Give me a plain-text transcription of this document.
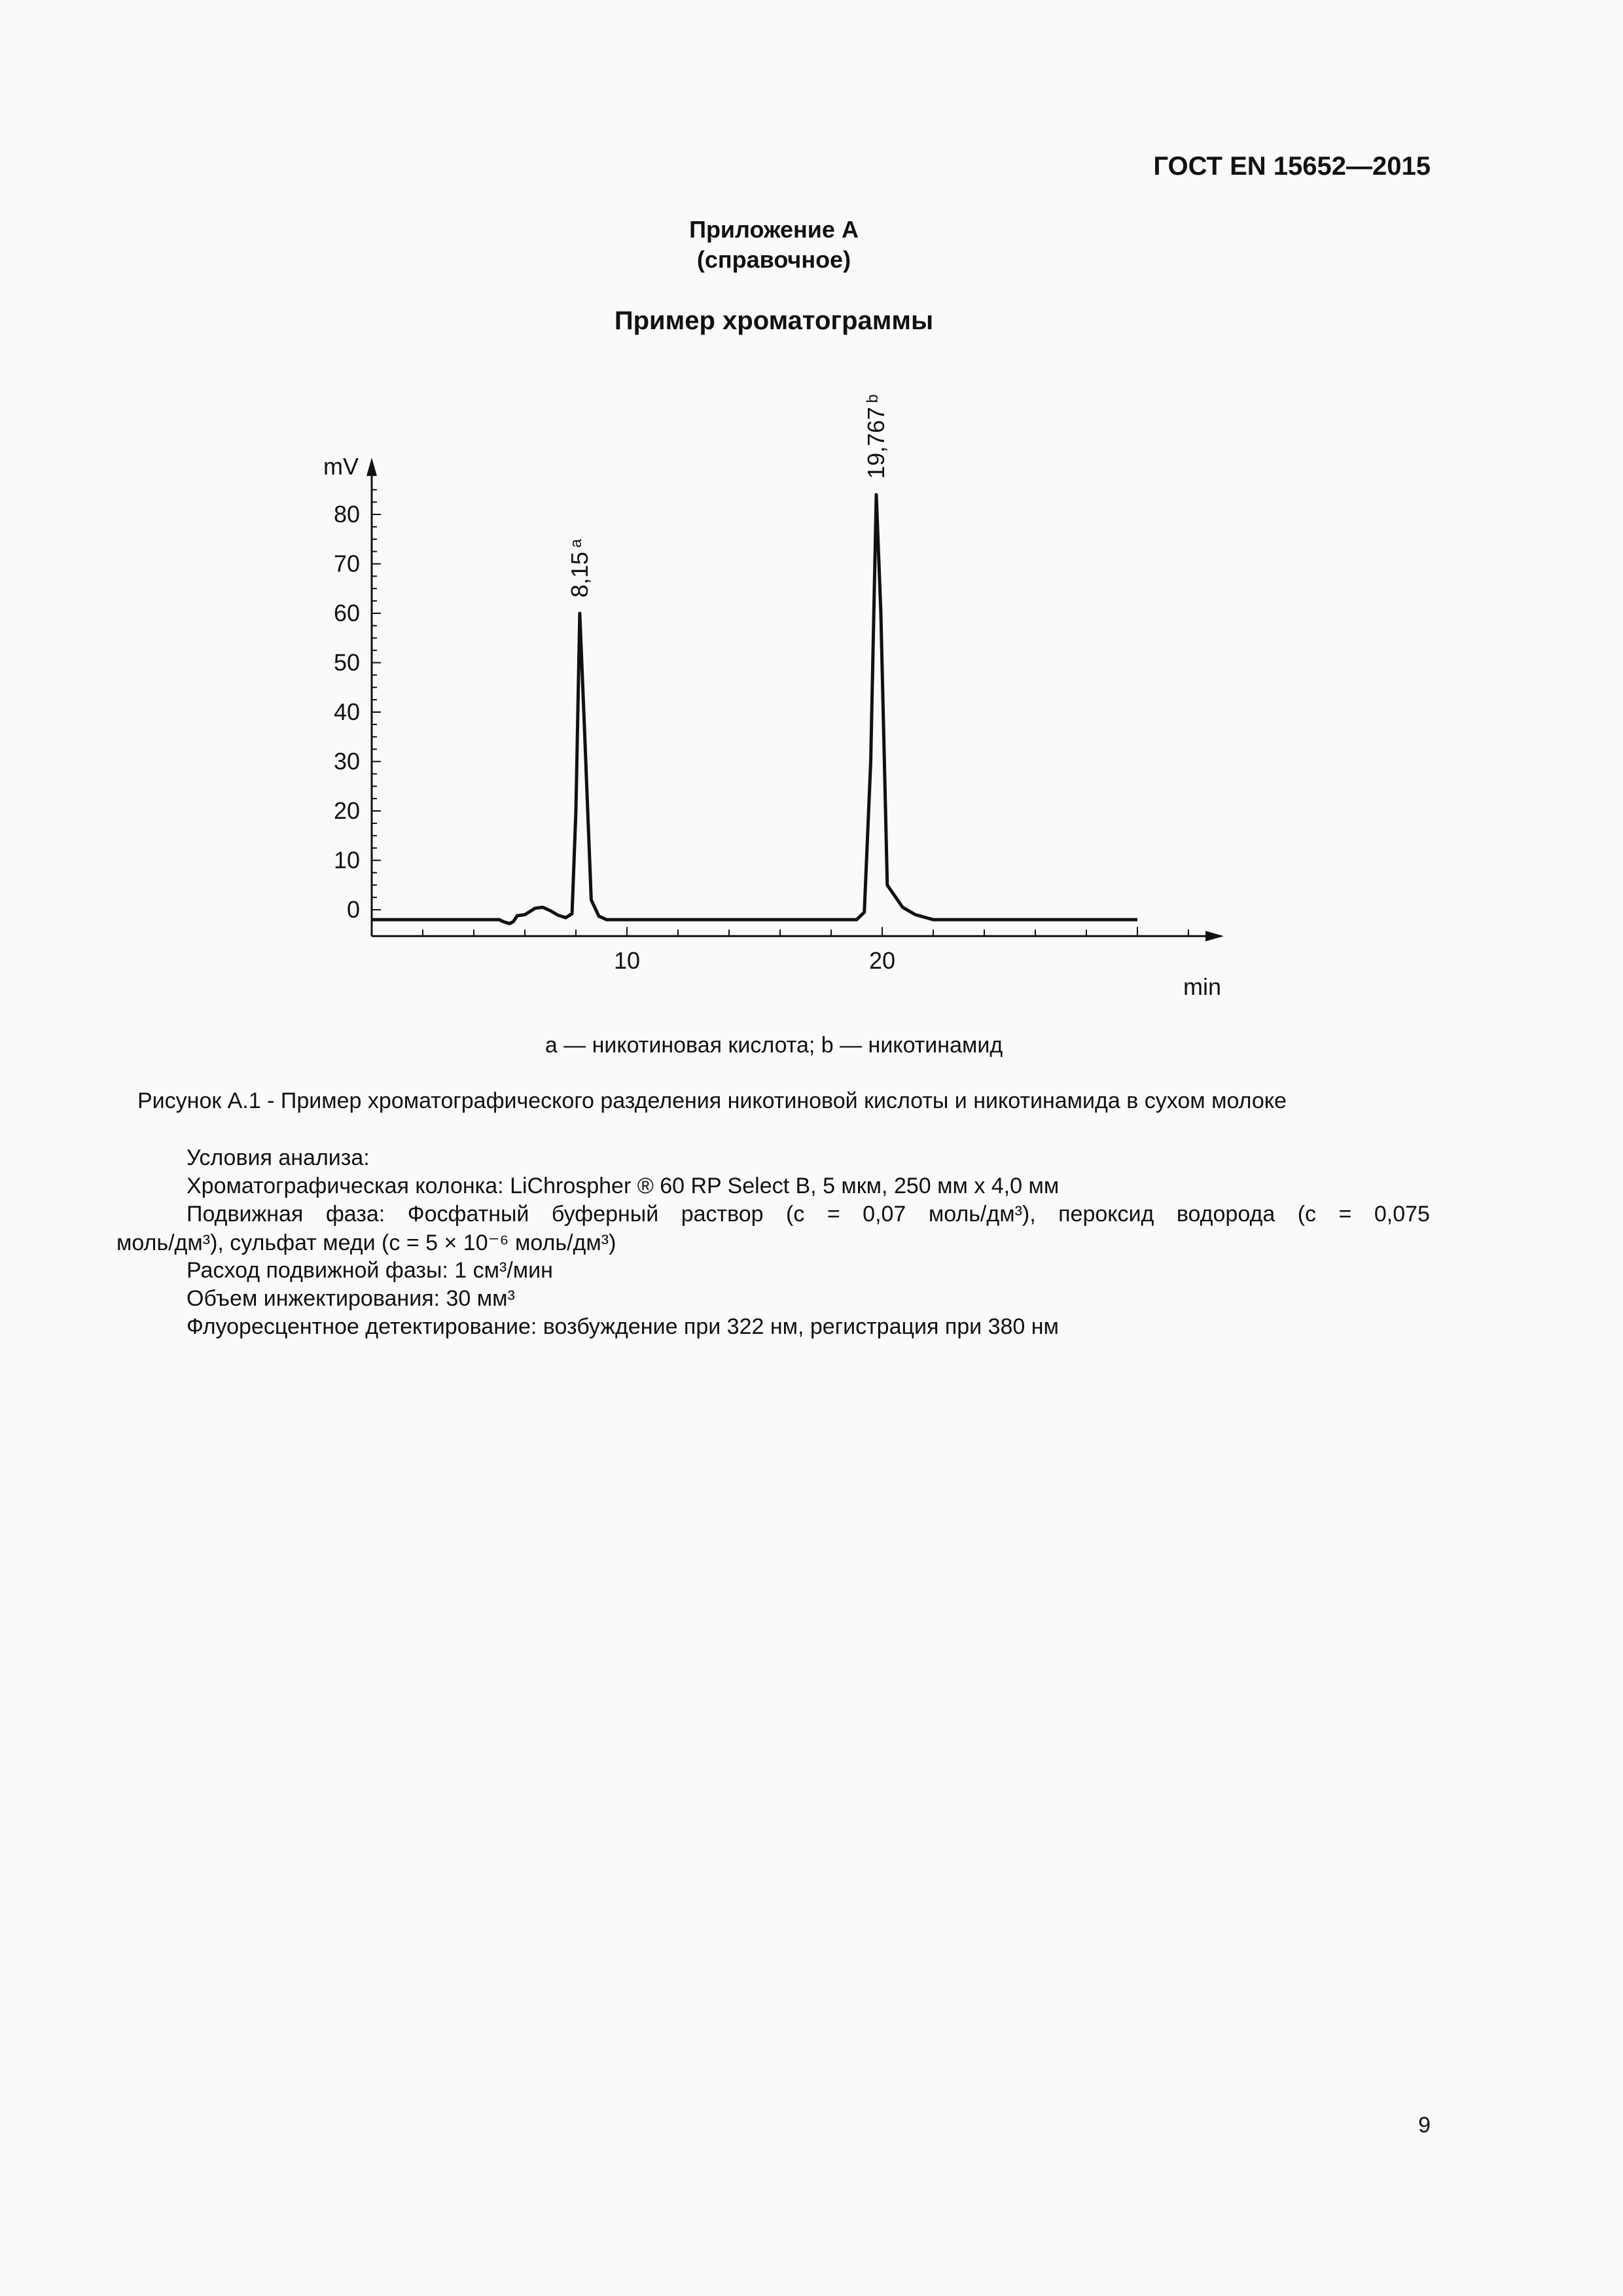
ГОСТ EN 15652—2015
Приложение А
(справочное)
Пример хроматограммы
0
10
20
30
40
50
60
70
80
10	20
mV
min
8,15$^a$
19,767$^b$
а — никотиновая кислота; b — никотинамид
Рисунок А.1 - Пример хроматографического разделения никотиновой кислоты и никотинамида в сухом молоке
Условия анализа:
Хроматографическая колонка: LiChrospher ® 60 RP Select B, 5 мкм, 250 мм х 4,0 мм
Подвижная фаза: Фосфатный буферный раствор (с = 0,07 моль/дм³), пероксид водорода (с = 0,075
моль/дм³), сульфат меди (с = 5 × 10⁻⁶ моль/дм³)
Расход подвижной фазы: 1 см³/мин
Объем инжектирования: 30 мм³
Флуоресцентное детектирование: возбуждение при 322 нм, регистрация при 380 нм
9
